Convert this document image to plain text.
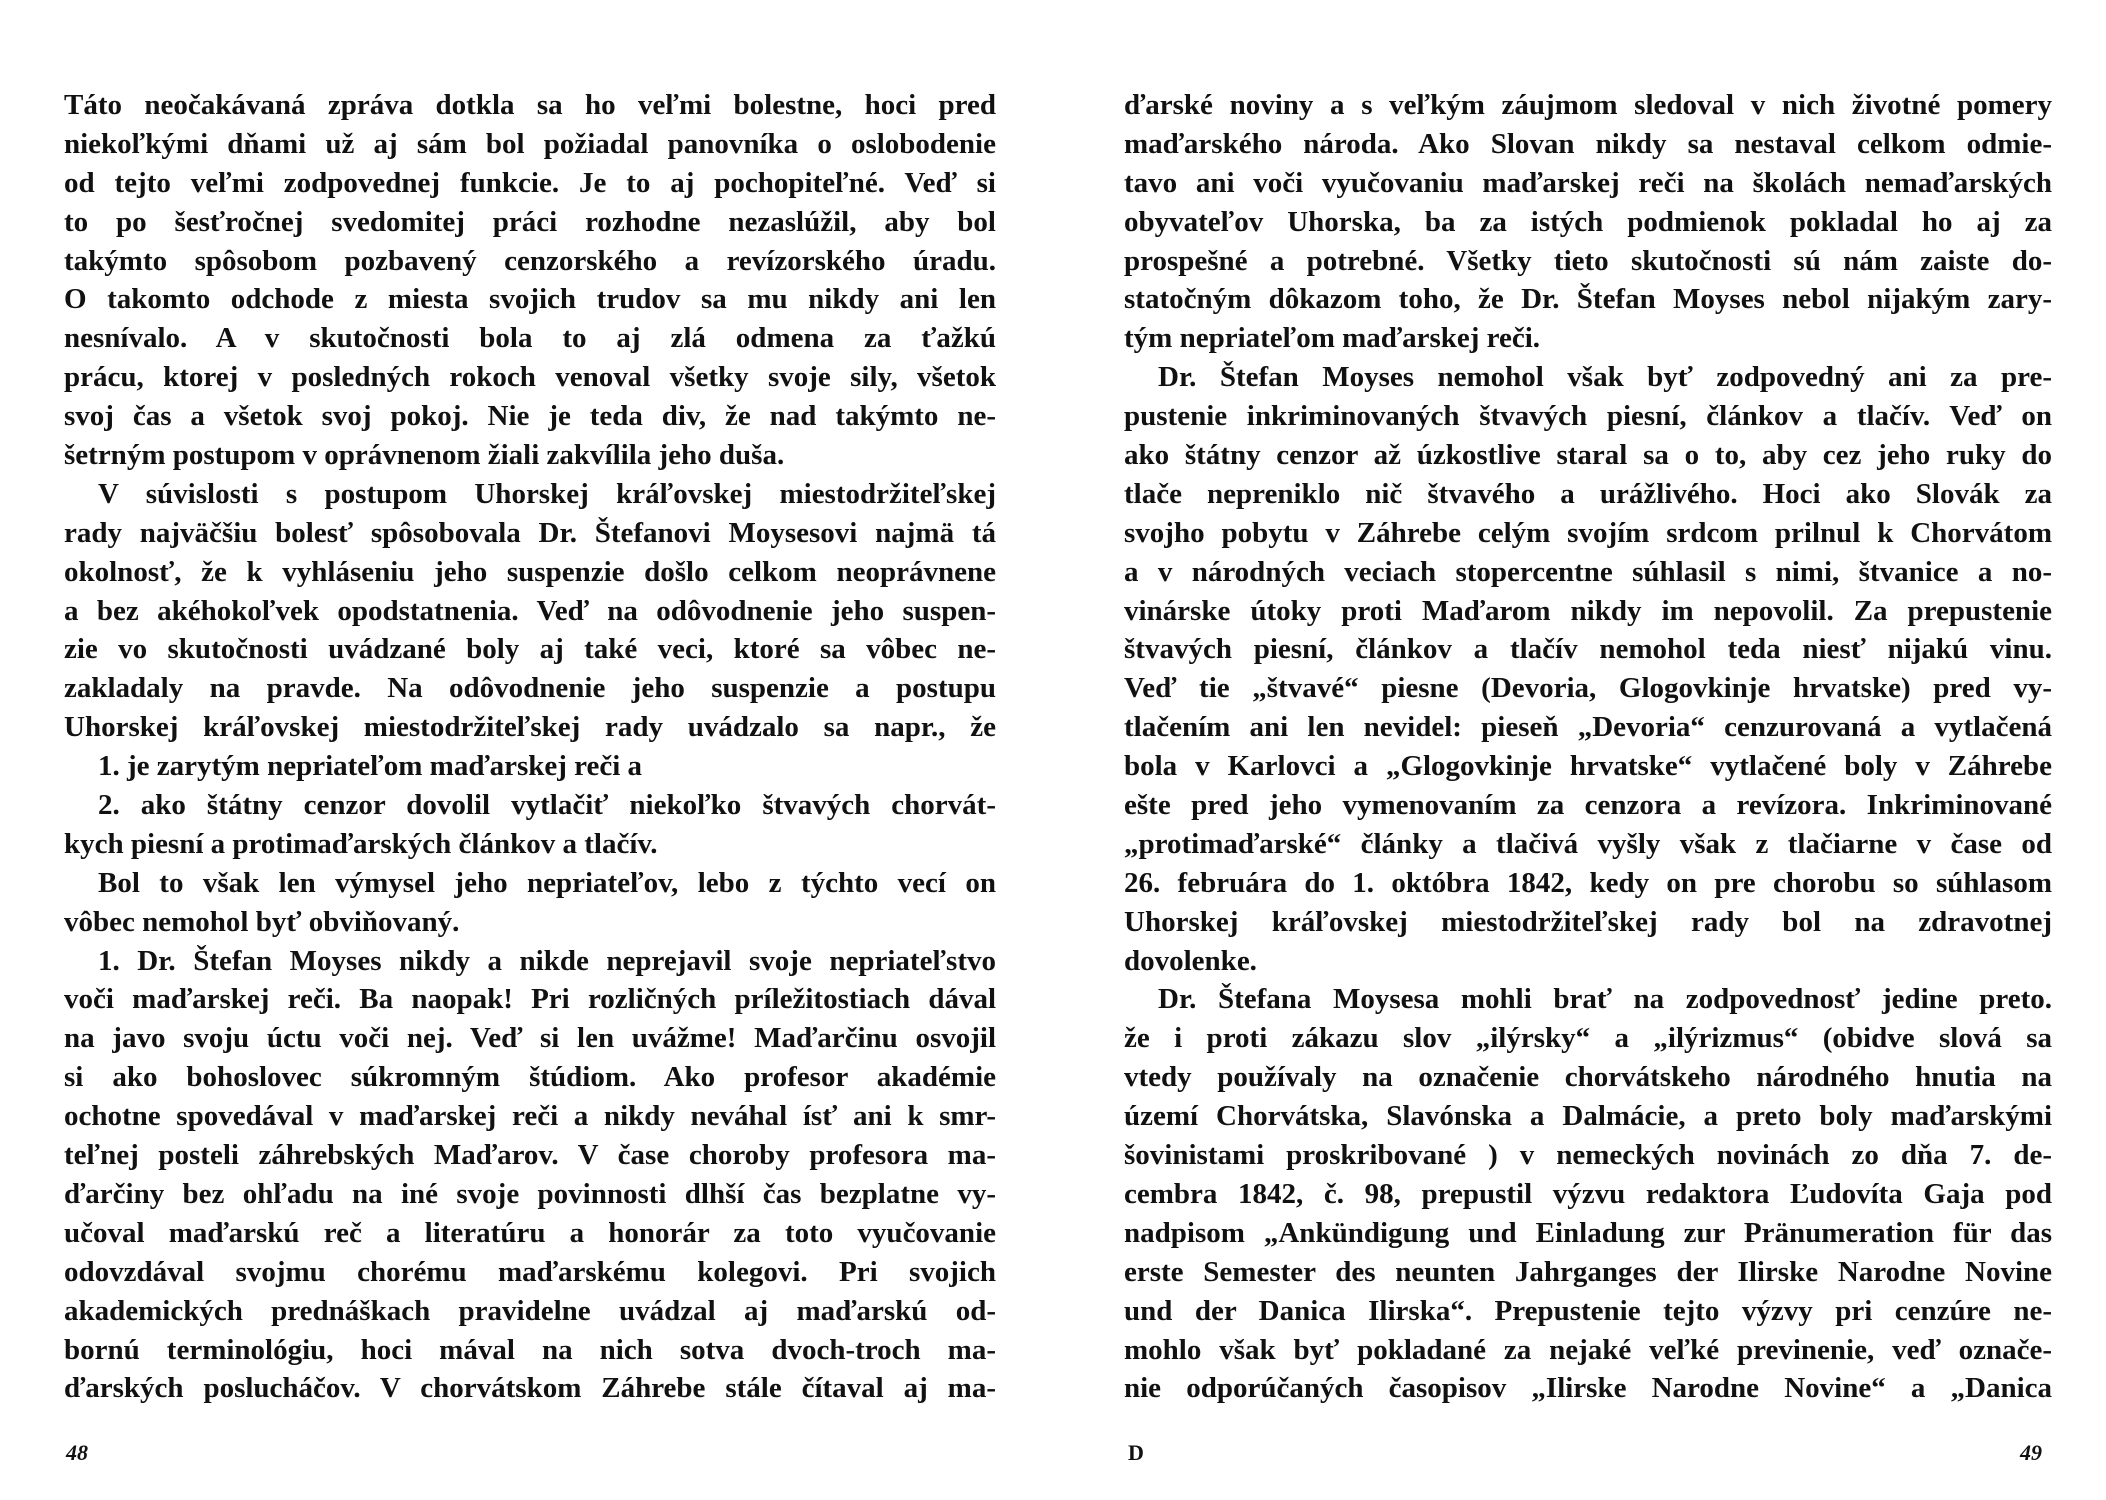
Táto neočakávaná zpráva dotkla sa ho veľmi bolestne, hoci pred
niekoľkými dňami už aj sám bol požiadal panovníka o oslobodenie
od tejto veľmi zodpovednej funkcie. Je to aj pochopiteľné. Veď si
to po šesťročnej svedomitej práci rozhodne nezaslúžil, aby bol
takýmto spôsobom pozbavený cenzorského a revízorského úradu.
O takomto odchode z miesta svojich trudov sa mu nikdy ani len
nesnívalo. A v skutočnosti bola to aj zlá odmena za ťažkú
prácu, ktorej v posledných rokoch venoval všetky svoje sily, všetok
svoj čas a všetok svoj pokoj. Nie je teda div, že nad takýmto ne-
šetrným postupom v oprávnenom žiali zakvílila jeho duša.
V súvislosti s postupom Uhorskej kráľovskej miestodržiteľskej
rady najväčšiu bolesť spôsobovala Dr. Štefanovi Moysesovi najmä tá
okolnosť, že k vyhláseniu jeho suspenzie došlo celkom neoprávnene
a bez akéhokoľvek opodstatnenia. Veď na odôvodnenie jeho suspen-
zie vo skutočnosti uvádzané boly aj také veci, ktoré sa vôbec ne-
zakladaly na pravde. Na odôvodnenie jeho suspenzie a postupu
Uhorskej kráľovskej miestodržiteľskej rady uvádzalo sa napr., že
1. je zarytým nepriateľom maďarskej reči a
2. ako štátny cenzor dovolil vytlačiť niekoľko štvavých chorvát-
kych piesní a protimaďarských článkov a tlačív.
Bol to však len výmysel jeho nepriateľov, lebo z týchto vecí on
vôbec nemohol byť obviňovaný.
1. Dr. Štefan Moyses nikdy a nikde neprejavil svoje nepriateľstvo
voči maďarskej reči. Ba naopak! Pri rozličných príležitostiach dával
na javo svoju úctu voči nej. Veď si len uvážme! Maďarčinu osvojil
si ako bohoslovec súkromným štúdiom. Ako profesor akadémie
ochotne spovedával v maďarskej reči a nikdy neváhal ísť ani k smr-
teľnej posteli záhrebských Maďarov. V čase choroby profesora ma-
ďarčiny bez ohľadu na iné svoje povinnosti dlhší čas bezplatne vy-
učoval maďarskú reč a literatúru a honorár za toto vyučovanie
odovzdával svojmu chorému maďarskému kolegovi. Pri svojich
akademických prednáškach pravidelne uvádzal aj maďarskú od-
bornú terminológiu, hoci mával na nich sotva dvoch-troch ma-
ďarských poslucháčov. V chorvátskom Záhrebe stále čítaval aj ma-
ďarské noviny a s veľkým záujmom sledoval v nich životné pomery
maďarského národa. Ako Slovan nikdy sa nestaval celkom odmie-
tavo ani voči vyučovaniu maďarskej reči na školách nemaďarských
obyvateľov Uhorska, ba za istých podmienok pokladal ho aj za
prospešné a potrebné. Všetky tieto skutočnosti sú nám zaiste do-
statočným dôkazom toho, že Dr. Štefan Moyses nebol nijakým zary-
tým nepriateľom maďarskej reči.
Dr. Štefan Moyses nemohol však byť zodpovedný ani za pre-
pustenie inkriminovaných štvavých piesní, článkov a tlačív. Veď on
ako štátny cenzor až úzkostlive staral sa o to, aby cez jeho ruky do
tlače nepreniklo nič štvavého a urážlivého. Hoci ako Slovák za
svojho pobytu v Záhrebe celým svojím srdcom prilnul k Chorvátom
a v národných veciach stopercentne súhlasil s nimi, štvanice a no-
vinárske útoky proti Maďarom nikdy im nepovolil. Za prepustenie
štvavých piesní, článkov a tlačív nemohol teda niesť nijakú vinu.
Veď tie „štvavé“ piesne (Devoria, Glogovkinje hrvatske) pred vy-
tlačením ani len nevidel: pieseň „Devoria“ cenzurovaná a vytlačená
bola v Karlovci a „Glogovkinje hrvatske“ vytlačené boly v Záhrebe
ešte pred jeho vymenovaním za cenzora a revízora. Inkriminované
„protimaďarské“ články a tlačivá vyšly však z tlačiarne v čase od
26. februára do 1. októbra 1842, kedy on pre chorobu so súhlasom
Uhorskej kráľovskej miestodržiteľskej rady bol na zdravotnej
dovolenke.
Dr. Štefana Moysesa mohli brať na zodpovednosť jedine preto.
že i proti zákazu slov „ilýrsky“ a „ilýrizmus“ (obidve slová sa
vtedy používaly na označenie chorvátskeho národného hnutia na
území Chorvátska, Slavónska a Dalmácie, a preto boly maďarskými
šovinistami proskribované ) v nemeckých novinách zo dňa 7. de-
cembra 1842, č. 98, prepustil výzvu redaktora Ľudovíta Gaja pod
nadpisom „Ankündigung und Einladung zur Pränumeration für das
erste Semester des neunten Jahrganges der Ilirske Narodne Novine
und der Danica Ilirska“. Prepustenie tejto výzvy pri cenzúre ne-
mohlo však byť pokladané za nejaké veľké previnenie, veď označe-
nie odporúčaných časopisov „Ilirske Narodne Novine“ a „Danica
48	D	49
